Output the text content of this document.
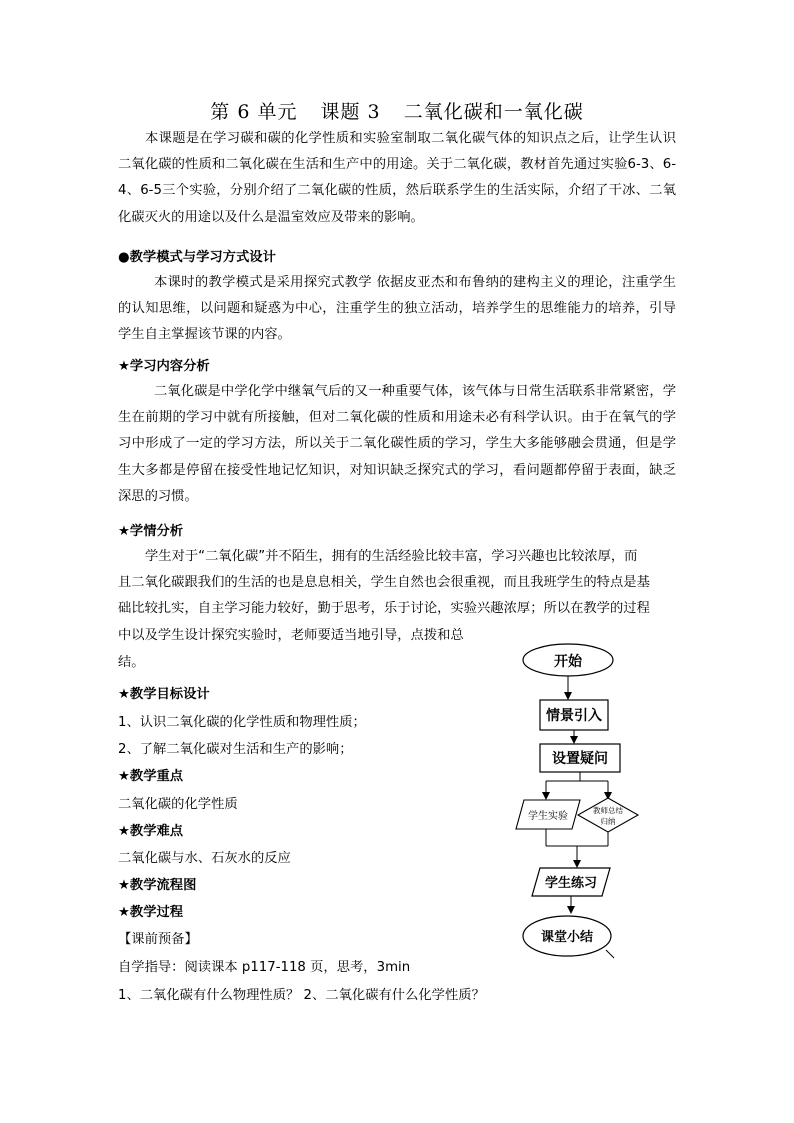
第 6 单元 课题 3 二氧化碳和一氧化碳

本课题是在学习碳和碳的化学性质和实验室制取二氧化碳气体的知识点之后，让学生认识二氧化碳的性质和二氧化碳在生活和生产中的用途。关于二氧化碳，教材首先通过实验6-3、6-4、6-5三个实验，分别介绍了二氧化碳的性质，然后联系学生的生活实际，介绍了干冰、二氧化碳灭火的用途以及什么是温室效应及带来的影响。

●教学模式与学习方式设计

本课时的教学模式是采用探究式教学 依据皮亚杰和布鲁纳的建构主义的理论，注重学生的认知思维，以问题和疑惑为中心，注重学生的独立活动，培养学生的思维能力的培养，引导学生自主掌握该节课的内容。

★学习内容分析

二氧化碳是中学化学中继氧气后的又一种重要气体，该气体与日常生活联系非常紧密，学生在前期的学习中就有所接触，但对二氧化碳的性质和用途未必有科学认识。由于在氧气的学习中形成了一定的学习方法，所以关于二氧化碳性质的学习，学生大多能够融会贯通，但是学生大多都是停留在接受性地记忆知识，对知识缺乏探究式的学习，看问题都停留于表面，缺乏深思的习惯。

★学情分析
学生对于“二氧化碳”并不陌生，拥有的生活经验比较丰富，学习兴趣也比较浓厚，而
且二氧化碳跟我们的生活的也是息息相关，学生自然也会很重视，而且我班学生的特点是基
础比较扎实，自主学习能力较好，勤于思考，乐于讨论，实验兴趣浓厚；所以在教学的过程
中以及学生设计探究实验时，老师要适当地引导，点拨和总
结。
★教学目标设计
1、认识二氧化碳的化学性质和物理性质；
2、了解二氧化碳对生活和生产的影响；
★教学重点
二氧化碳的化学性质
★教学难点
二氧化碳与水、石灰水的反应
★教学流程图
★教学过程
【课前预备】
自学指导：阅读课本 p117-118 页，思考，3min
1、二氧化碳有什么物理性质？ 2、二氧化碳有什么化学性质？
开始
情景引入
设置疑问
学生实验
教师总结
归纳
学生练习
课堂小结
